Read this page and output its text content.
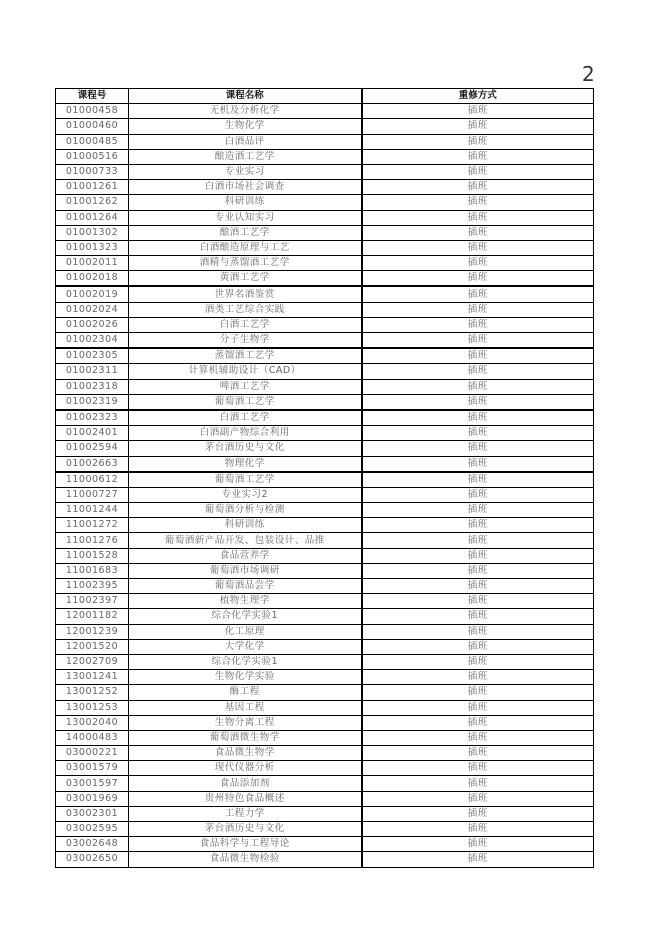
2
课程号	课程名称	重修方式
01000458	无机及分析化学	插班
01000460	生物化学	插班
01000485	白酒品评	插班
01000516	酿造酒工艺学	插班
01000733	专业实习	插班
01001261	白酒市场社会调查	插班
01001262	科研训练	插班
01001264	专业认知实习	插班
01001302	酿酒工艺学	插班
01001323	白酒酿造原理与工艺	插班
01002011	酒精与蒸馏酒工艺学	插班
01002018	黄酒工艺学	插班
01002019	世界名酒鉴赏	插班
01002024	酒类工艺综合实践	插班
01002026	白酒工艺学	插班
01002304	分子生物学	插班
01002305	蒸馏酒工艺学	插班
01002311	计算机辅助设计（CAD）	插班
01002318	啤酒工艺学	插班
01002319	葡萄酒工艺学	插班
01002323	白酒工艺学	插班
01002401	白酒副产物综合利用	插班
01002594	茅台酒历史与文化	插班
01002663	物理化学	插班
11000612	葡萄酒工艺学	插班
11000727	专业实习2	插班
11001244	葡萄酒分析与检测	插班
11001272	科研训练	插班
11001276	葡萄酒新产品开发、包装设计、品推	插班
11001528	食品营养学	插班
11001683	葡萄酒市场调研	插班
11002395	葡萄酒品尝学	插班
11002397	植物生理学	插班
12001182	综合化学实验1	插班
12001239	化工原理	插班
12001520	大学化学	插班
12002709	综合化学实验1	插班
13001241	生物化学实验	插班
13001252	酶工程	插班
13001253	基因工程	插班
13002040	生物分离工程	插班
14000483	葡萄酒微生物学	插班
03000221	食品微生物学	插班
03001579	现代仪器分析	插班
03001597	食品添加剂	插班
03001969	贵州特色食品概述	插班
03002301	工程力学	插班
03002595	茅台酒历史与文化	插班
03002648	食品科学与工程导论	插班
03002650	食品微生物检验	插班
